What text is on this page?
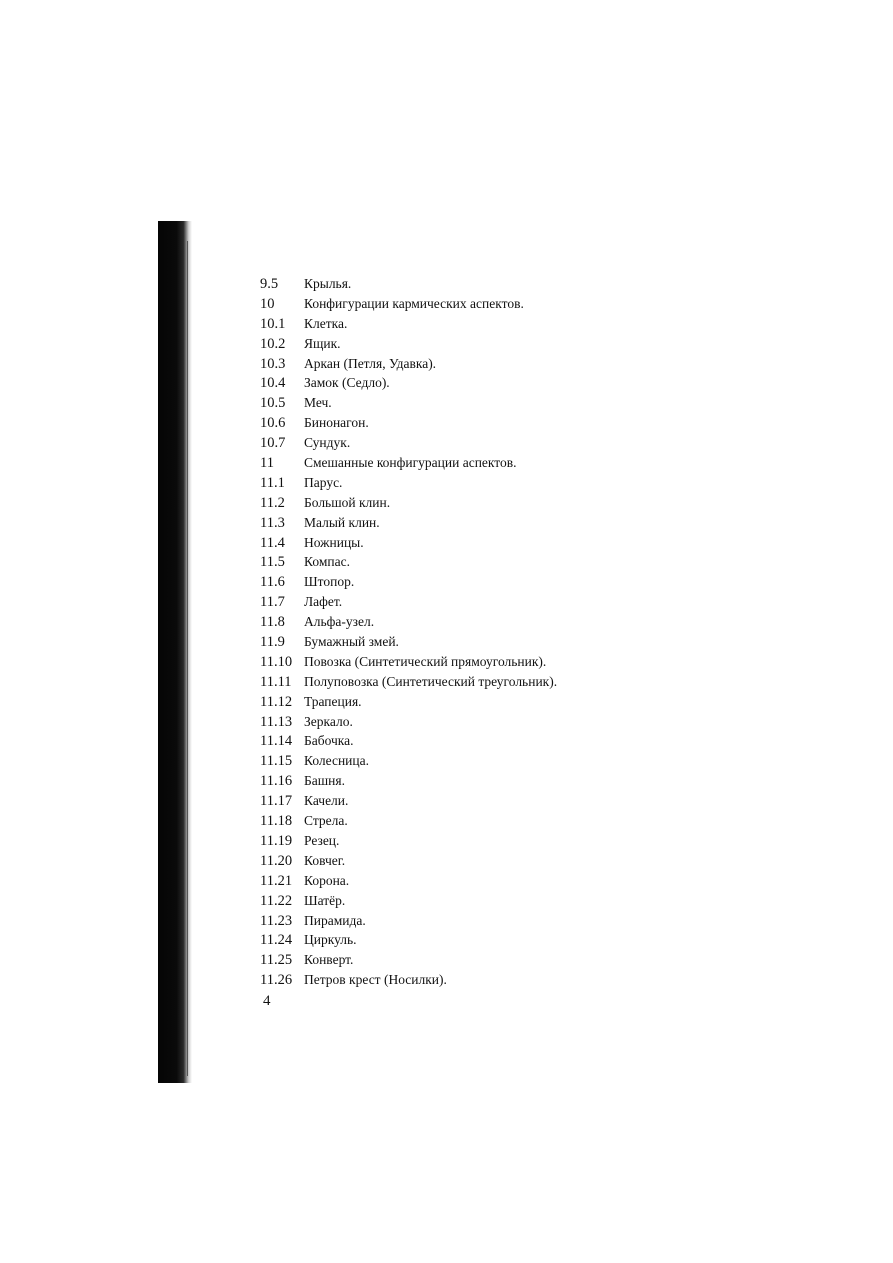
9.5	Крылья.
10	Конфигурации кармических аспектов.
10.1	Клетка.
10.2	Ящик.
10.3	Аркан (Петля, Удавка).
10.4	Замок (Седло).
10.5	Меч.
10.6	Бинонагон.
10.7	Сундук.
11	Смешанные конфигурации аспектов.
11.1	Парус.
11.2	Большой клин.
11.3	Малый клин.
11.4	Ножницы.
11.5	Компас.
11.6	Штопор.
11.7	Лафет.
11.8	Альфа-узел.
11.9	Бумажный змей.
11.10 Повозка (Синтетический прямоугольник).
11.11 Полуповозка (Синтетический треугольник).
11.12 Трапеция.
11.13 Зеркало.
11.14 Бабочка.
11.15 Колесница.
11.16 Башня.
11.17 Качели.
11.18 Стрела.
11.19 Резец.
11.20 Ковчег.
11.21 Корона.
11.22 Шатёр.
11.23 Пирамида.
11.24 Циркуль.
11.25 Конверт.
11.26 Петров крест (Носилки).
4
